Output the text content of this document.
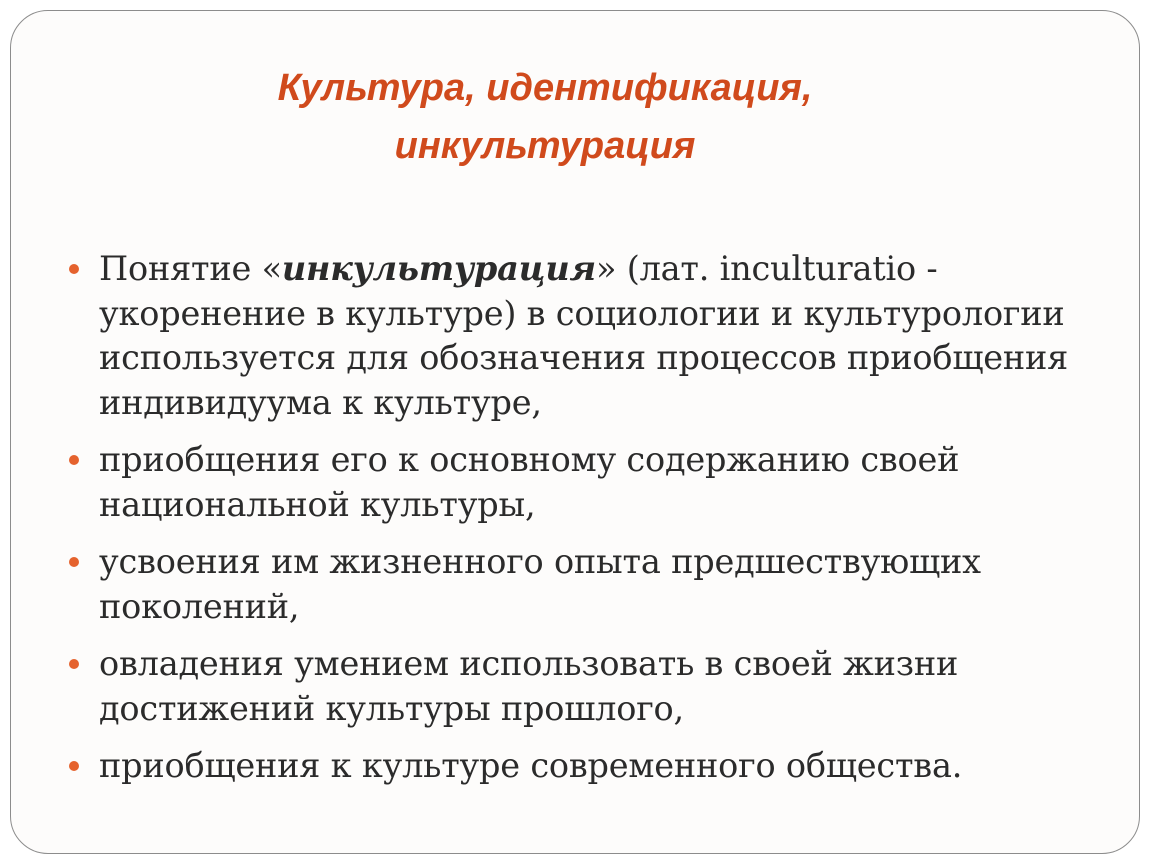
Культура, идентификация,
инкультурация
Понятие «инкультурация» (лат. inculturatio - укоренение в культуре) в социологии и культурологии используется для обозначения процессов приобщения индивидуума к культуре,
приобщения его к основному содержанию своей национальной культуры,
усвоения им жизненного опыта предшествующих поколений,
овладения умением использовать в своей жизни достижений культуры прошлого,
приобщения к культуре современного общества.
